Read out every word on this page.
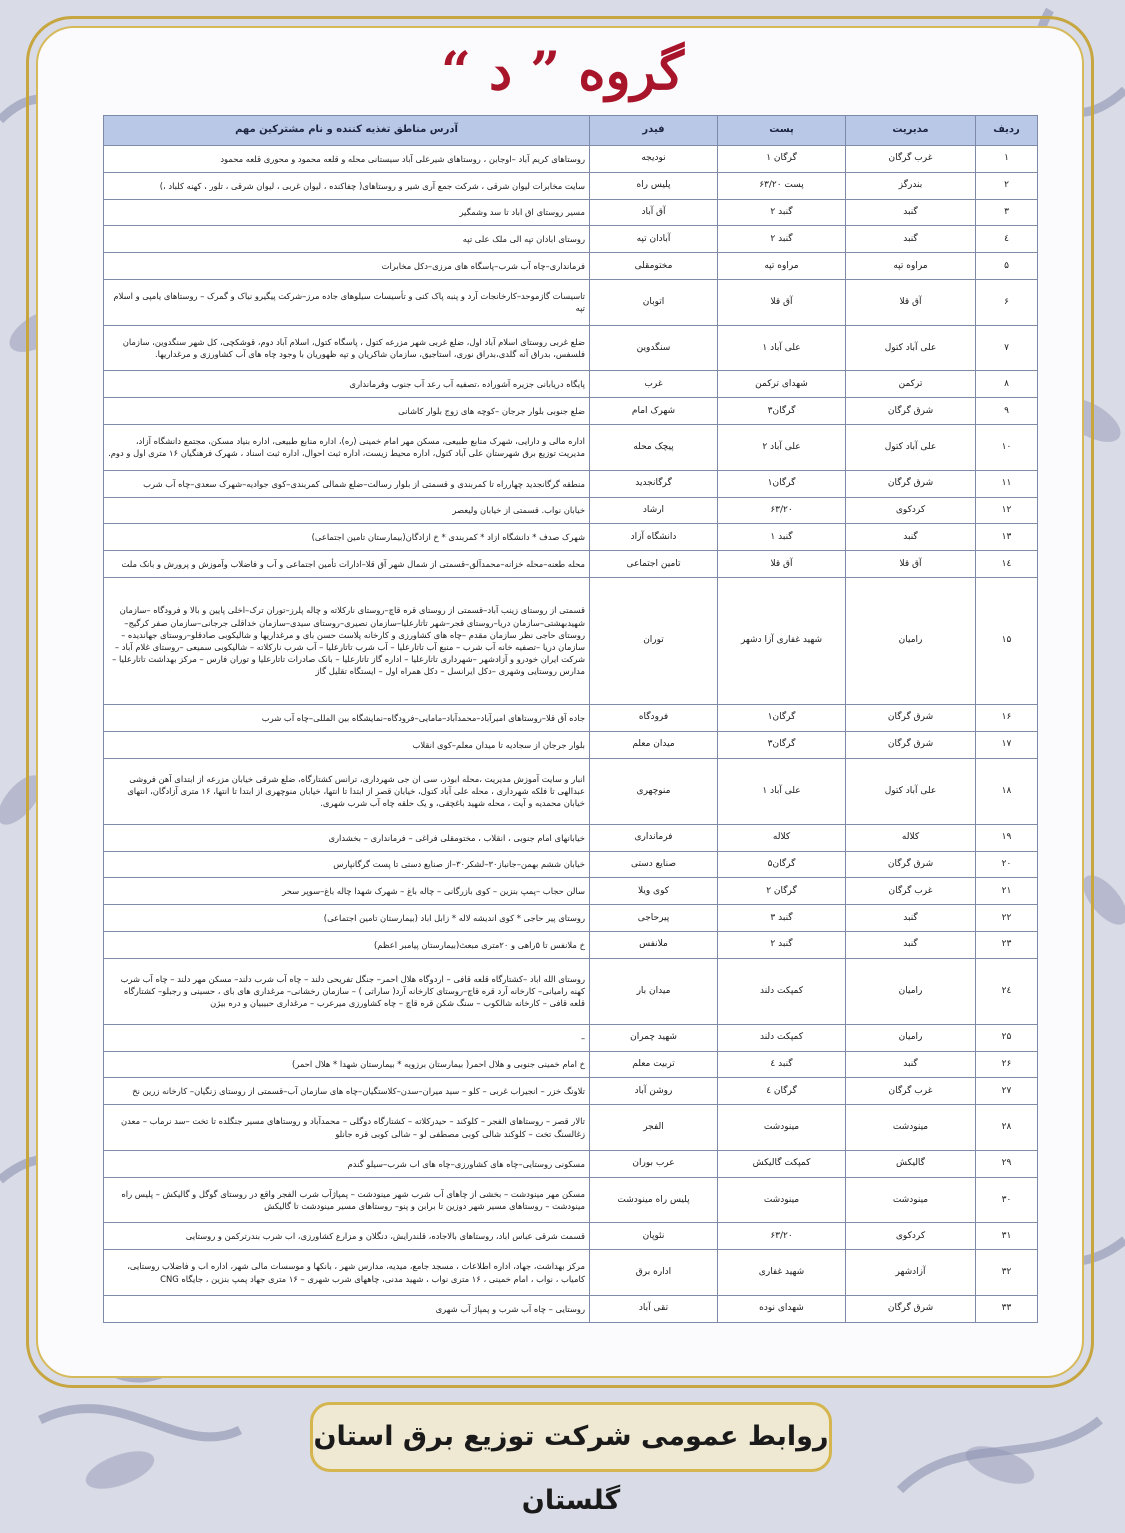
گروه ” د “
ردیف	مدیریت	پست	فیدر	آدرس مناطق تغذیه کننده و نام مشترکین مهم
۱	غرب گرگان	گرگان ۱	نودیجه	روستاهای کریم آباد –اوجابن ، روستاهای شیرعلی آباد سیستانی محله و قلعه محمود و محوری قلعه محمود
۲	بندرگز	پست ۶۳/۲۰	پلیس راه	سایت مخابرات لیوان شرقی ، شرکت جمع آری شیر و روستاهای( چفاکنده ، لیوان غربی ، لیوان شرقی ، تلور ، کهنه کلباد ،)
۳	گنبد	گنبد ۲	آق آباد	مسیر روستای اق اباد تا سد وشمگیر
٤	گنبد	گنبد ۲	آبادان تپه	روستای ابادان تپه الی ملک علی تپه
۵	مراوه تپه	مراوه تپه	مختومقلی	فرمانداری–چاه آب شرب–پاسگاه های مرزی–دکل مخابرات
۶	آق قلا	آق قلا	اتوبان	تاسیسات گازموحد–کارخانجات آرد و پنبه پاک کنی و تأسیسات سیلوهای جاده مرز–شرکت پیگیرو نیاک و گمرک – روستاهای یامپی و اسلام تپه
۷	علی آباد کتول	علی آباد ۱	سنگدوین	ضلع غربی روستای اسلام آباد اول، ضلع غربی شهر مزرعه کتول ، پاسگاه کتول، اسلام آباد دوم، قوشکچی، کل شهر سنگدوین، سازمان فلسفس، بدراق آنه گلدی،بدراق نوری، استاجیق، سازمان شاکریان و تپه ظهوریان با وجود چاه های آب کشاورزی و مرغداریها.
۸	ترکمن	شهدای ترکمن	غرب	پایگاه دریابانی جزیره آشوراده ،تصفیه آب رعد آب جنوب وفرمانداری
۹	شرق گرگان	گرگان۳	شهرک امام	ضلع جنوبی بلوار جرجان –کوچه های زوج بلوار کاشانی
۱۰	علی آباد کتول	علی آباد ۲	پیچک محله	اداره مالی و دارایی، شهرک منابع طبیعی، مسکن مهر امام خمینی (ره)، اداره منابع طبیعی، اداره بنیاد مسکن، مجتمع دانشگاه آزاد، مدیریت توزیع برق شهرستان علی آباد کتول، اداره محیط زیست، اداره ثبت احوال، اداره ثبت اسناد ، شهرک فرهنگیان ۱۶ متری اول و دوم.
۱۱	شرق گرگان	گرگان۱	گرگانجدید	منطقه گرگانجدید چهارراه تا کمربندی و قسمتی از بلوار رسالت–ضلع شمالی کمربندی–کوی جوادیه–شهرک سعدی–چاه آب شرب
۱۲	کردکوی	۶۳/۲۰	ارشاد	خیابان نواب. قسمتی از خیابان ولیعصر
۱۳	گنبد	گنبد ۱	دانشگاه آزاد	شهرک صدف * دانشگاه ازاد * کمربندی * خ ازادگان(بیمارستان تامین اجتماعی)
١٤	آق قلا	آق قلا	تامین اجتماعی	محله طعنه–محله خزانه–محمدآلق–قسمتی از شمال شهر آق قلا–ادارات تأمین اجتماعی و آب و فاضلاب وآموزش و پرورش و بانک ملت
۱۵	رامیان	شهید غفاری آزا دشهر	توران	قسمتی از روستای زینب آباد–قسمتی از روستای قره قاچ–روستای نارکلاته و چاله پلرز–توران ترک–اخلی پایین و بالا و فرودگاه –سازمان شهیدبهشتی–سازمان دریا–روستای قجر–شهر تاتارعلیا–سازمان نصیری–روستای سیدی–سازمان خداقلی جرجانی–سازمان صفر کرگیج–روستای حاجی نظر سازمان مقدم –چاه های کشاورزی و کارخانه پلاست حسن بای و مرغداریها و شالیکوبی صادقلو–روستای جهاندیده – سازمان دریا –تصفیه خانه آب شرب – منبع آب تاتارعلیا – آب شرب تاتارعلیا – آب شرب نارکلاته – شالیکوبی سمیعی –روستای غلام آباد – شرکت ایران خودرو و آزادشهر –شهرداری تاتارعلیا – اداره گاز تاتارعلیا – بانک صادرات تاتارعلیا و توران فارس – مرکز بهداشت تاتارعلیا –مدارس روستایی وشهری –دکل ایرانسل – دکل همراه اول – ایستگاه تقلیل گاز
۱۶	شرق گرگان	گرگان۱	فرودگاه	جاده آق قلا–روستاهای امیرآباد–محمدآباد–مامایی–فرودگاه–نمایشگاه بین المللی–چاه آب شرب
۱۷	شرق گرگان	گرگان۳	میدان معلم	بلوار جرجان از سجادیه تا میدان معلم–کوی انقلاب
۱۸	علی آباد کتول	علی آباد ۱	منوچهری	انبار و سایت آموزش مدیریت ،محله ابوذر، سی ان جی شهرداری، ترانس کشتارگاه، ضلع شرقی خیابان مزرعه از ابتدای آهن فروشی عبدالهی تا فلکه شهرداری ، محله علی آباد کتول، خیابان قصر از ابتدا تا انتها، خیابان منوچهری از ابتدا تا انتها، ۱۶ متری آزادگان، انتهای خیابان محمدیه و آیت ، محله شهید باغچقی، و یک حلقه چاه آب شرب شهری.
۱۹	کلاله	کلاله	فرمانداری	خیابانهای امام جنوبی ، انقلاب ، مختومقلی فراغی – فرمانداری – بخشداری
۲۰	شرق گرگان	گرگان۵	صنایع دستی	خیابان ششم بهمن–جانباز۳۰–لشکر۳۰–از صنایع دستی تا پست گرگانپارس
۲۱	غرب گرگان	گرگان ۲	کوی ویلا	سالن حجاب –پمپ بنزین – کوی بازرگانی – چاله باغ – شهرک شهدا چاله باغ–سوپر سحر
۲۲	گنبد	گنبد ۳	پیرحاجی	روستای پیر حاجی * کوی اندیشه لاله * زابل اباد (بیمارستان تامین اجتماعی)
۲۳	گنبد	گنبد ۲	ملانفس	خ ملانفس تا ۵راهی و ۲۰متری مبعث(بیمارستان پیامبر اعظم)
٢٤	رامیان	کمپکت دلند	میدان بار	روستای الله اباد –کشتارگاه قلعه قافی – اردوگاه هلال احمر– جنگل تفریحی دلند – چاه آب شرب دلند– مسکن مهر دلند – چاه آب شرب کهنه رامیانی– کارخانه آرد قره قاچ–روستای کارخانه آرد( ساراتی ) – سازمان رخشانی– مرغداری های بای ، حسینی و رجبلو– کشتارگاه قلعه قافی – کارخانه شالکوب – سنگ شکن قره قاچ – چاه کشاورزی میرعرب – مرغداری حبیبیان و دره بیژن
۲۵	رامیان	کمپکت دلند	شهید چمران	–
۲۶	گنبد	گنبد ٤	تربیت معلم	خ امام خمینی جنوبی و هلال احمر( بیمارستان برزویه * بیمارستان شهدا * هلال احمر)
۲۷	غرب گرگان	گرگان ٤	روشن آباد	تلاونگ خزر – انجیراب غربی – کلو – سید میران–سدن–کلاستگیان–چاه های سازمان آب–قسمتی از روستای زنگیان– کارخانه زرین نخ
۲۸	مینودشت	مینودشت	الفجر	تالار قصر – روستاهای الفجر – کلوکند – حیدرکلاته – کشتارگاه دوگلی – محمدآباد و روستاهای مسیر جنگلده تا تخت –سد نرماب – معدن زغالسنگ تخت – کلوکند شالی کوبی مصطفی لو – شالی کوبی قره جانلو
۲۹	گالیکش	کمپکت گالیکش	عرب بوران	مسکونی روستایی–چاه های کشاورزی–چاه های اب شرب–سیلو گندم
۳۰	مینودشت	مینودشت	پلیس راه مینودشت	مسکن مهر مینودشت – بخشی از چاهای آب شرب شهر مینودشت – پمپاژآب شرب الفجر واقع در روستای گوگل و گالیکش – پلیس راه مینودشت – روستاهای مسیر شهر دوزین تا برابن و پنو– روستاهای مسیر مینودشت تا گالیکش
۳۱	کردکوی	۶۳/۲۰	نئوپان	قسمت شرقی عباس اباد، روستاهای بالاجاده، قلندرایش، دنگلان و مزارع کشاورزی، اب شرب بندرترکمن و روستایی
۳۲	آزادشهر	شهید غفاری	اداره برق	مرکز بهداشت، جهاد، اداره اطلاعات ، مسجد جامع، میدیه، مدارس شهر ، بانکها و موسسات مالی شهر، اداره اب و فاضلاب روستایی، کامیاب ، نواب ، امام خمینی ، ۱۶ متری نواب ، شهید مدنی، چاههای شرب شهری – ۱۶ متری جهاد پمپ بنزین ، جایگاه CNG
۳۳	شرق گرگان	شهدای نوده	تقی آباد	روستایی – چاه آب شرب و پمپاژ آب شهری
روابط عمومی شرکت توزیع برق استان گلستان
